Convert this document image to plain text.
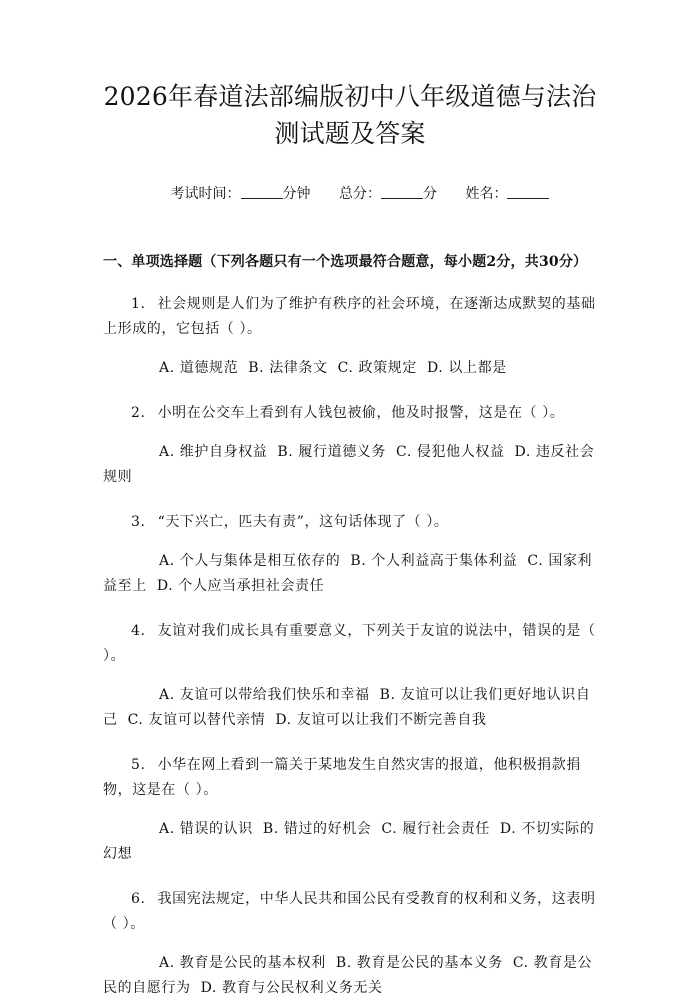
2026年春道法部编版初中八年级道德与法治
测试题及答案
考试时间：	分钟 总分：	分 姓名：
一、单项选择题（下列各题只有一个选项最符合题意，每小题2分，共30分）
1. 社会规则是人们为了维护有秩序的社会环境，在逐渐达成默契的基础上形成的，它包括（ ）。
A. 道德规范 B. 法律条文 C. 政策规定 D. 以上都是
2. 小明在公交车上看到有人钱包被偷，他及时报警，这是在（ ）。
A. 维护自身权益 B. 履行道德义务 C. 侵犯他人权益 D. 违反社会规则
3. “天下兴亡，匹夫有责”，这句话体现了（ ）。
A. 个人与集体是相互依存的 B. 个人利益高于集体利益 C. 国家利益至上 D. 个人应当承担社会责任
4. 友谊对我们成长具有重要意义，下列关于友谊的说法中，错误的是（ ）。
A. 友谊可以带给我们快乐和幸福 B. 友谊可以让我们更好地认识自己 C. 友谊可以替代亲情 D. 友谊可以让我们不断完善自我
5. 小华在网上看到一篇关于某地发生自然灾害的报道，他积极捐款捐物，这是在（ ）。
A. 错误的认识 B. 错过的好机会 C. 履行社会责任 D. 不切实际的幻想
6. 我国宪法规定，中华人民共和国公民有受教育的权利和义务，这表明（ ）。
A. 教育是公民的基本权利 B. 教育是公民的基本义务 C. 教育是公民的自愿行为 D. 教育与公民权利义务无关
